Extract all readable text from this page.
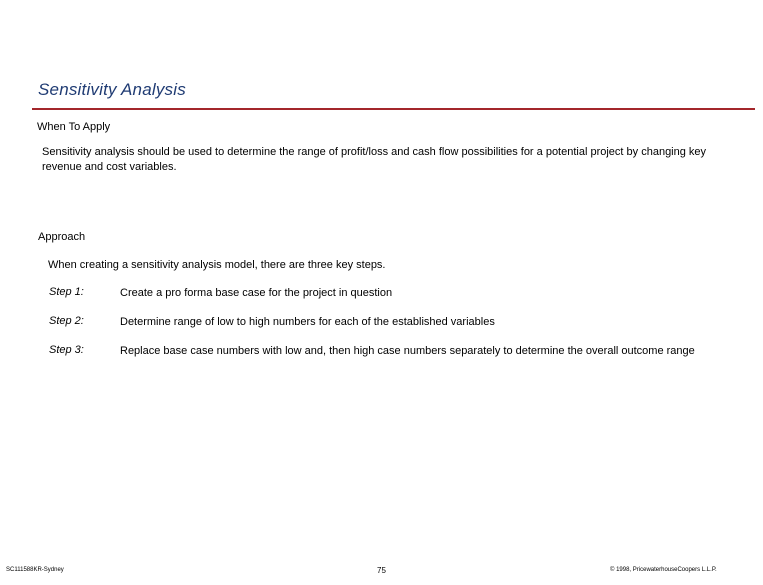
Sensitivity Analysis
When To Apply
Sensitivity analysis should be used to determine the range of profit/loss and cash flow possibilities for a potential project by changing key revenue and cost variables.
Approach
When creating a sensitivity analysis model, there are three key steps.
Step 1:	Create a pro forma base case for the project in question
Step 2:	Determine range of low to high numbers for each of the established variables
Step 3:	Replace base case numbers with low and, then high case numbers separately to determine the overall outcome range
SC111588KR-Sydney	75	© 1998, PricewaterhouseCoopers L.L.P.
